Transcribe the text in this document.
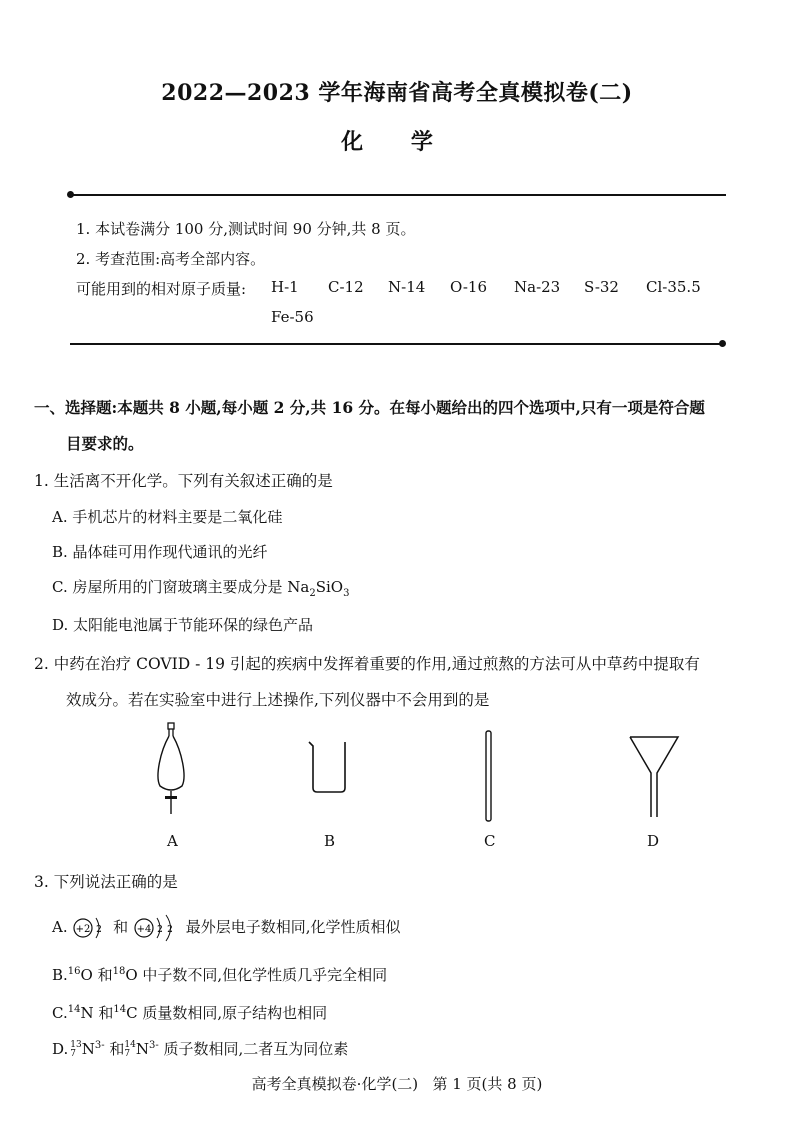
2022—2023 学年海南省高考全真模拟卷(二)
化 学
1. 本试卷满分 100 分,测试时间 90 分钟,共 8 页。
2. 考查范围:高考全部内容。
可能用到的相对原子质量: H-1 C-12 N-14 O-16 Na-23 S-32 Cl-35.5
Fe-56
一、选择题:本题共 8 小题,每小题 2 分,共 16 分。在每小题给出的四个选项中,只有一项是符合题
目要求的。
1. 生活离不开化学。下列有关叙述正确的是
A. 手机芯片的材料主要是二氧化硅
B. 晶体硅可用作现代通讯的光纤
C. 房屋所用的门窗玻璃主要成分是 $Na_2SiO_3$
D. 太阳能电池属于节能环保的绿色产品
2. 中药在治疗 COVID - 19 引起的疾病中发挥着重要的作用,通过煎熬的方法可从中草药中提取有
效成分。若在实验室中进行上述操作,下列仪器中不会用到的是
A	B	C	D
3. 下列说法正确的是
A. +2 2 和 +4 2 2 最外层电子数相同,化学性质相似
B.$^{16}$O 和$^{18}$O 中子数不同,但化学性质几乎完全相同
C.$^{14}$N 和$^{14}$C 质量数相同,原子结构也相同
D. 13
7 $N^{3-}$ 和 14
7 $N^{3-}$ 质子数相同,二者互为同位素
高考全真模拟卷·化学(二)   第 1 页(共 8 页)
